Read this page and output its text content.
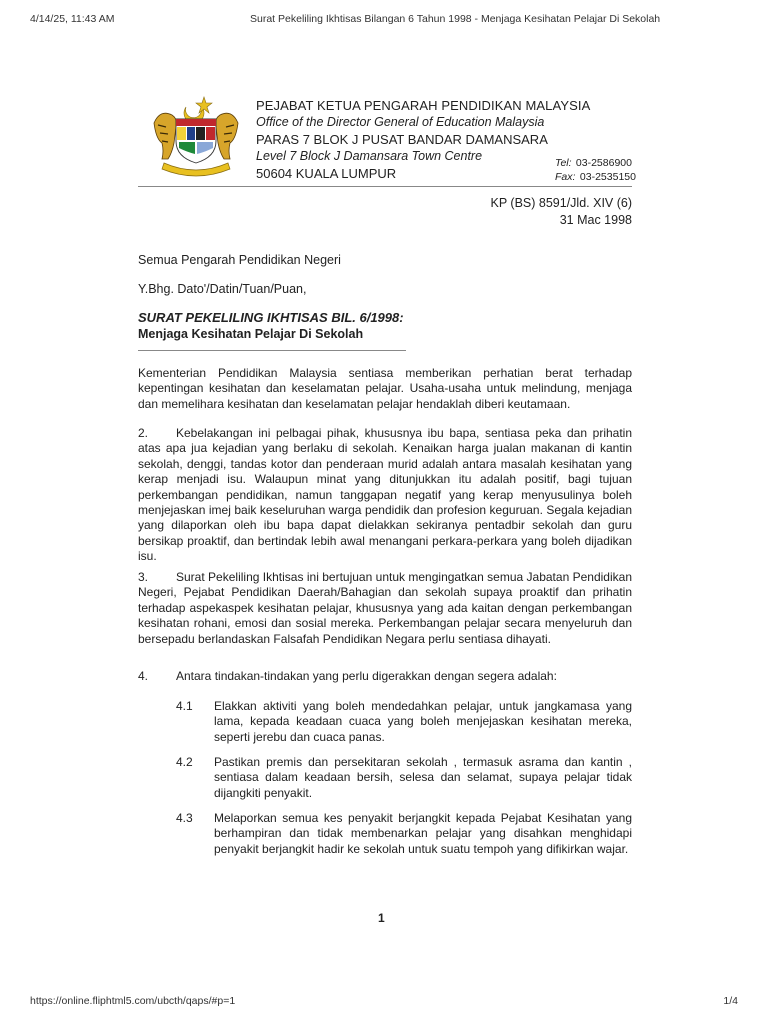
4/14/25, 11:43 AM	Surat Pekeliling Ikhtisas Bilangan 6 Tahun 1998 - Menjaga Kesihatan Pelajar Di Sekolah
PEJABAT KETUA PENGARAH PENDIDIKAN MALAYSIA
Office of the Director General of Education Malaysia
PARAS 7 BLOK J PUSAT BANDAR DAMANSARA
Level 7 Block J Damansara Town Centre
50604 KUALA LUMPUR
Tel: 03-2586900
Fax: 03-2535150
KP (BS) 8591/Jld. XIV (6)
31 Mac 1998
Semua Pengarah Pendidikan Negeri
Y.Bhg. Dato'/Datin/Tuan/Puan,
SURAT PEKELILING IKHTISAS BIL. 6/1998:
Menjaga Kesihatan Pelajar Di Sekolah
Kementerian Pendidikan Malaysia sentiasa memberikan perhatian berat terhadap kepentingan kesihatan dan keselamatan pelajar. Usaha-usaha untuk melindung, menjaga dan memelihara kesihatan dan keselamatan pelajar hendaklah diberi keutamaan.
2. Kebelakangan ini pelbagai pihak, khususnya ibu bapa, sentiasa peka dan prihatin atas apa jua kejadian yang berlaku di sekolah. Kenaikan harga jualan makanan di kantin sekolah, denggi, tandas kotor dan penderaan murid adalah antara masalah kesihatan yang kerap menjadi isu. Walaupun minat yang ditunjukkan itu adalah positif, bagi tujuan perkembangan pendidikan, namun tanggapan negatif yang kerap menyusulinya boleh menjejaskan imej baik keseluruhan warga pendidik dan profesion keguruan. Segala kejadian yang dilaporkan oleh ibu bapa dapat dielakkan sekiranya pentadbir sekolah dan guru bersikap proaktif, dan bertindak lebih awal menangani perkara-perkara yang boleh dijadikan isu.
3. Surat Pekeliling Ikhtisas ini bertujuan untuk mengingatkan semua Jabatan Pendidikan Negeri, Pejabat Pendidikan Daerah/Bahagian dan sekolah supaya proaktif dan prihatin terhadap aspekaspek kesihatan pelajar, khususnya yang ada kaitan dengan perkembangan kesihatan rohani, emosi dan sosial mereka. Perkembangan pelajar secara menyeluruh dan bersepadu berlandaskan Falsafah Pendidikan Negara perlu sentiasa dihayati.
4. Antara tindakan-tindakan yang perlu digerakkan dengan segera adalah:
4.1 Elakkan aktiviti yang boleh mendedahkan pelajar, untuk jangkamasa yang lama, kepada keadaan cuaca yang boleh menjejaskan kesihatan mereka, seperti jerebu dan cuaca panas.
4.2 Pastikan premis dan persekitaran sekolah , termasuk asrama dan kantin , sentiasa dalam keadaan bersih, selesa dan selamat, supaya pelajar tidak dijangkiti penyakit.
4.3 Melaporkan semua kes penyakit berjangkit kepada Pejabat Kesihatan yang berhampiran dan tidak membenarkan pelajar yang disahkan menghidapi penyakit berjangkit hadir ke sekolah untuk suatu tempoh yang difikirkan wajar.
1
https://online.fliphtml5.com/ubcth/qaps/#p=1	1/4
